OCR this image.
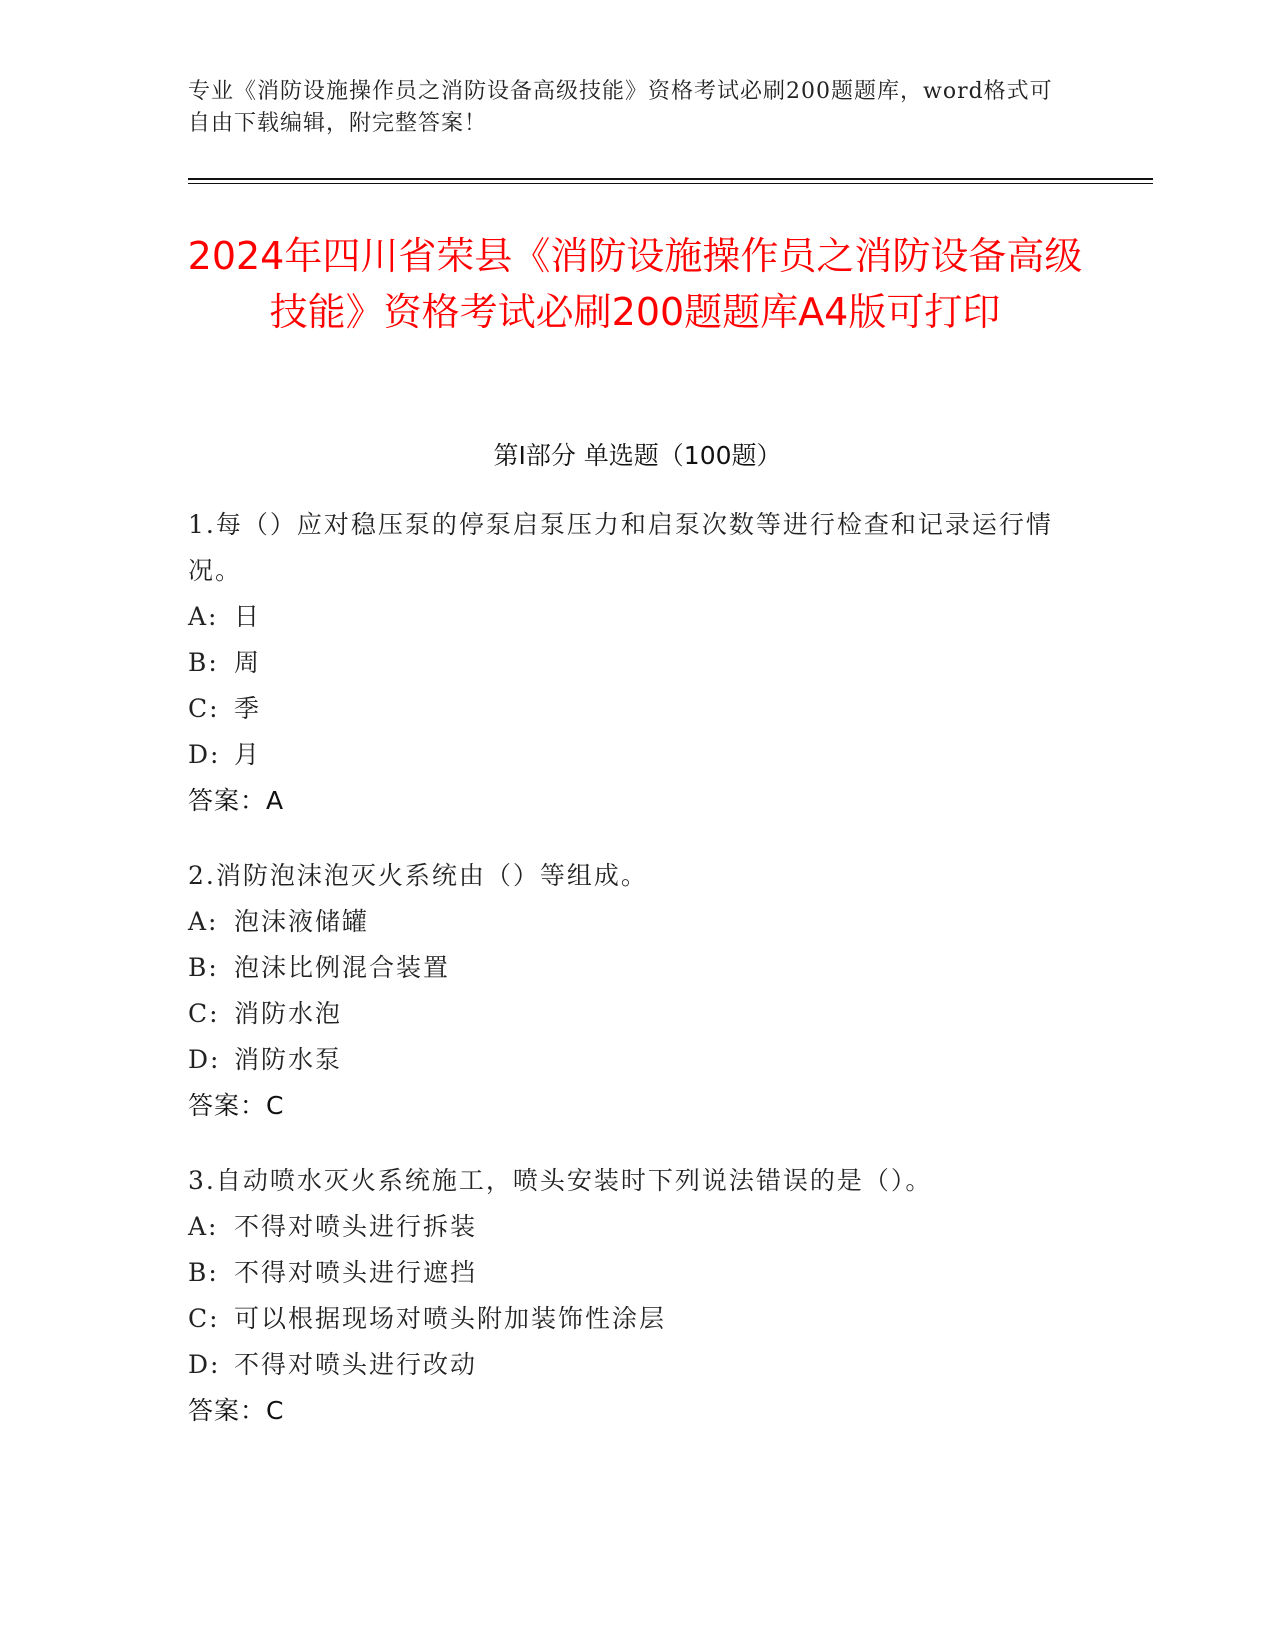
专业《消防设施操作员之消防设备高级技能》资格考试必刷200题题库，word格式可自由下载编辑，附完整答案！
2024年四川省荣县《消防设施操作员之消防设备高级技能》资格考试必刷200题题库A4版可打印
第I部分 单选题（100题）

1.每（）应对稳压泵的停泵启泵压力和启泵次数等进行检查和记录运行情况。

A: 日

B: 周

C: 季

D: 月

答案：A

2.消防泡沫泡灭火系统由（）等组成。

A: 泡沫液储罐

B: 泡沫比例混合装置

C: 消防水泡

D: 消防水泵

答案：C

3.自动喷水灭火系统施工，喷头安装时下列说法错误的是（）。

A: 不得对喷头进行拆装

B: 不得对喷头进行遮挡

C: 可以根据现场对喷头附加装饰性涂层

D: 不得对喷头进行改动

答案：C
